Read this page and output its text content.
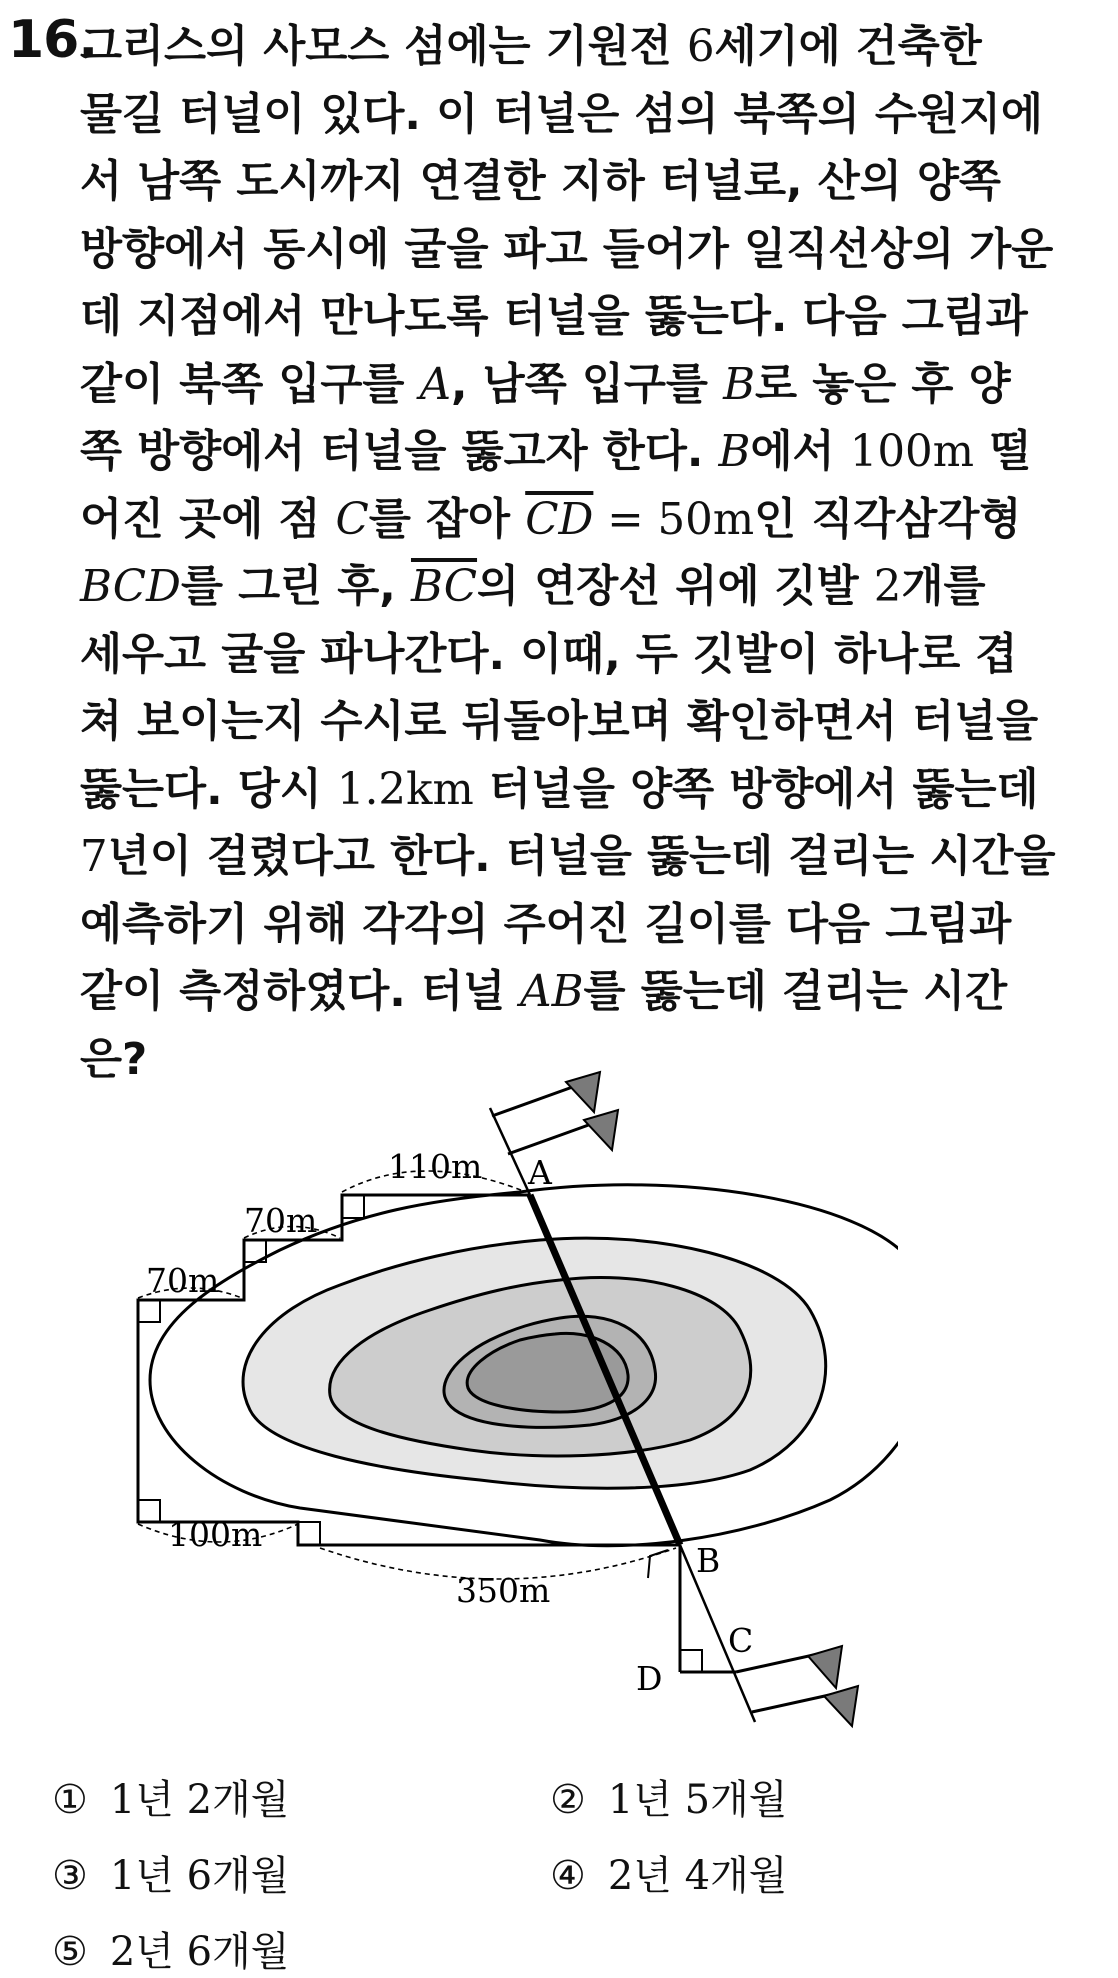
16.
그리스의 사모스 섬에는 기원전 6세기에 건축한
물길 터널이 있다. 이 터널은 섬의 북쪽의 수원지에
서 남쪽 도시까지 연결한 지하 터널로, 산의 양쪽
방향에서 동시에 굴을 파고 들어가 일직선상의 가운
데 지점에서 만나도록 터널을 뚫는다. 다음 그림과
같이 북쪽 입구를 A, 남쪽 입구를 B로 놓은 후 양
쪽 방향에서 터널을 뚫고자 한다. B에서 100m 떨
어진 곳에 점 C를 잡아 $\overline{CD} = 50m$인 직각삼각형
BCD를 그린 후, $\overline{BC}$의 연장선 위에 깃발 2개를
세우고 굴을 파나간다. 이때, 두 깃발이 하나로 겹
쳐 보이는지 수시로 뒤돌아보며 확인하면서 터널을
뚫는다. 당시 1.2km 터널을 양쪽 방향에서 뚫는데
7년이 걸렸다고 한다. 터널을 뚫는데 걸리는 시간을
예측하기 위해 각각의 주어진 길이를 다음 그림과
같이 측정하였다. 터널 AB를 뚫는데 걸리는 시간
은?
110m
70m
70m
100m
350m
A
B
C
D
① 1년 2개월	② 1년 5개월
③ 1년 6개월	④ 2년 4개월
⑤ 2년 6개월
